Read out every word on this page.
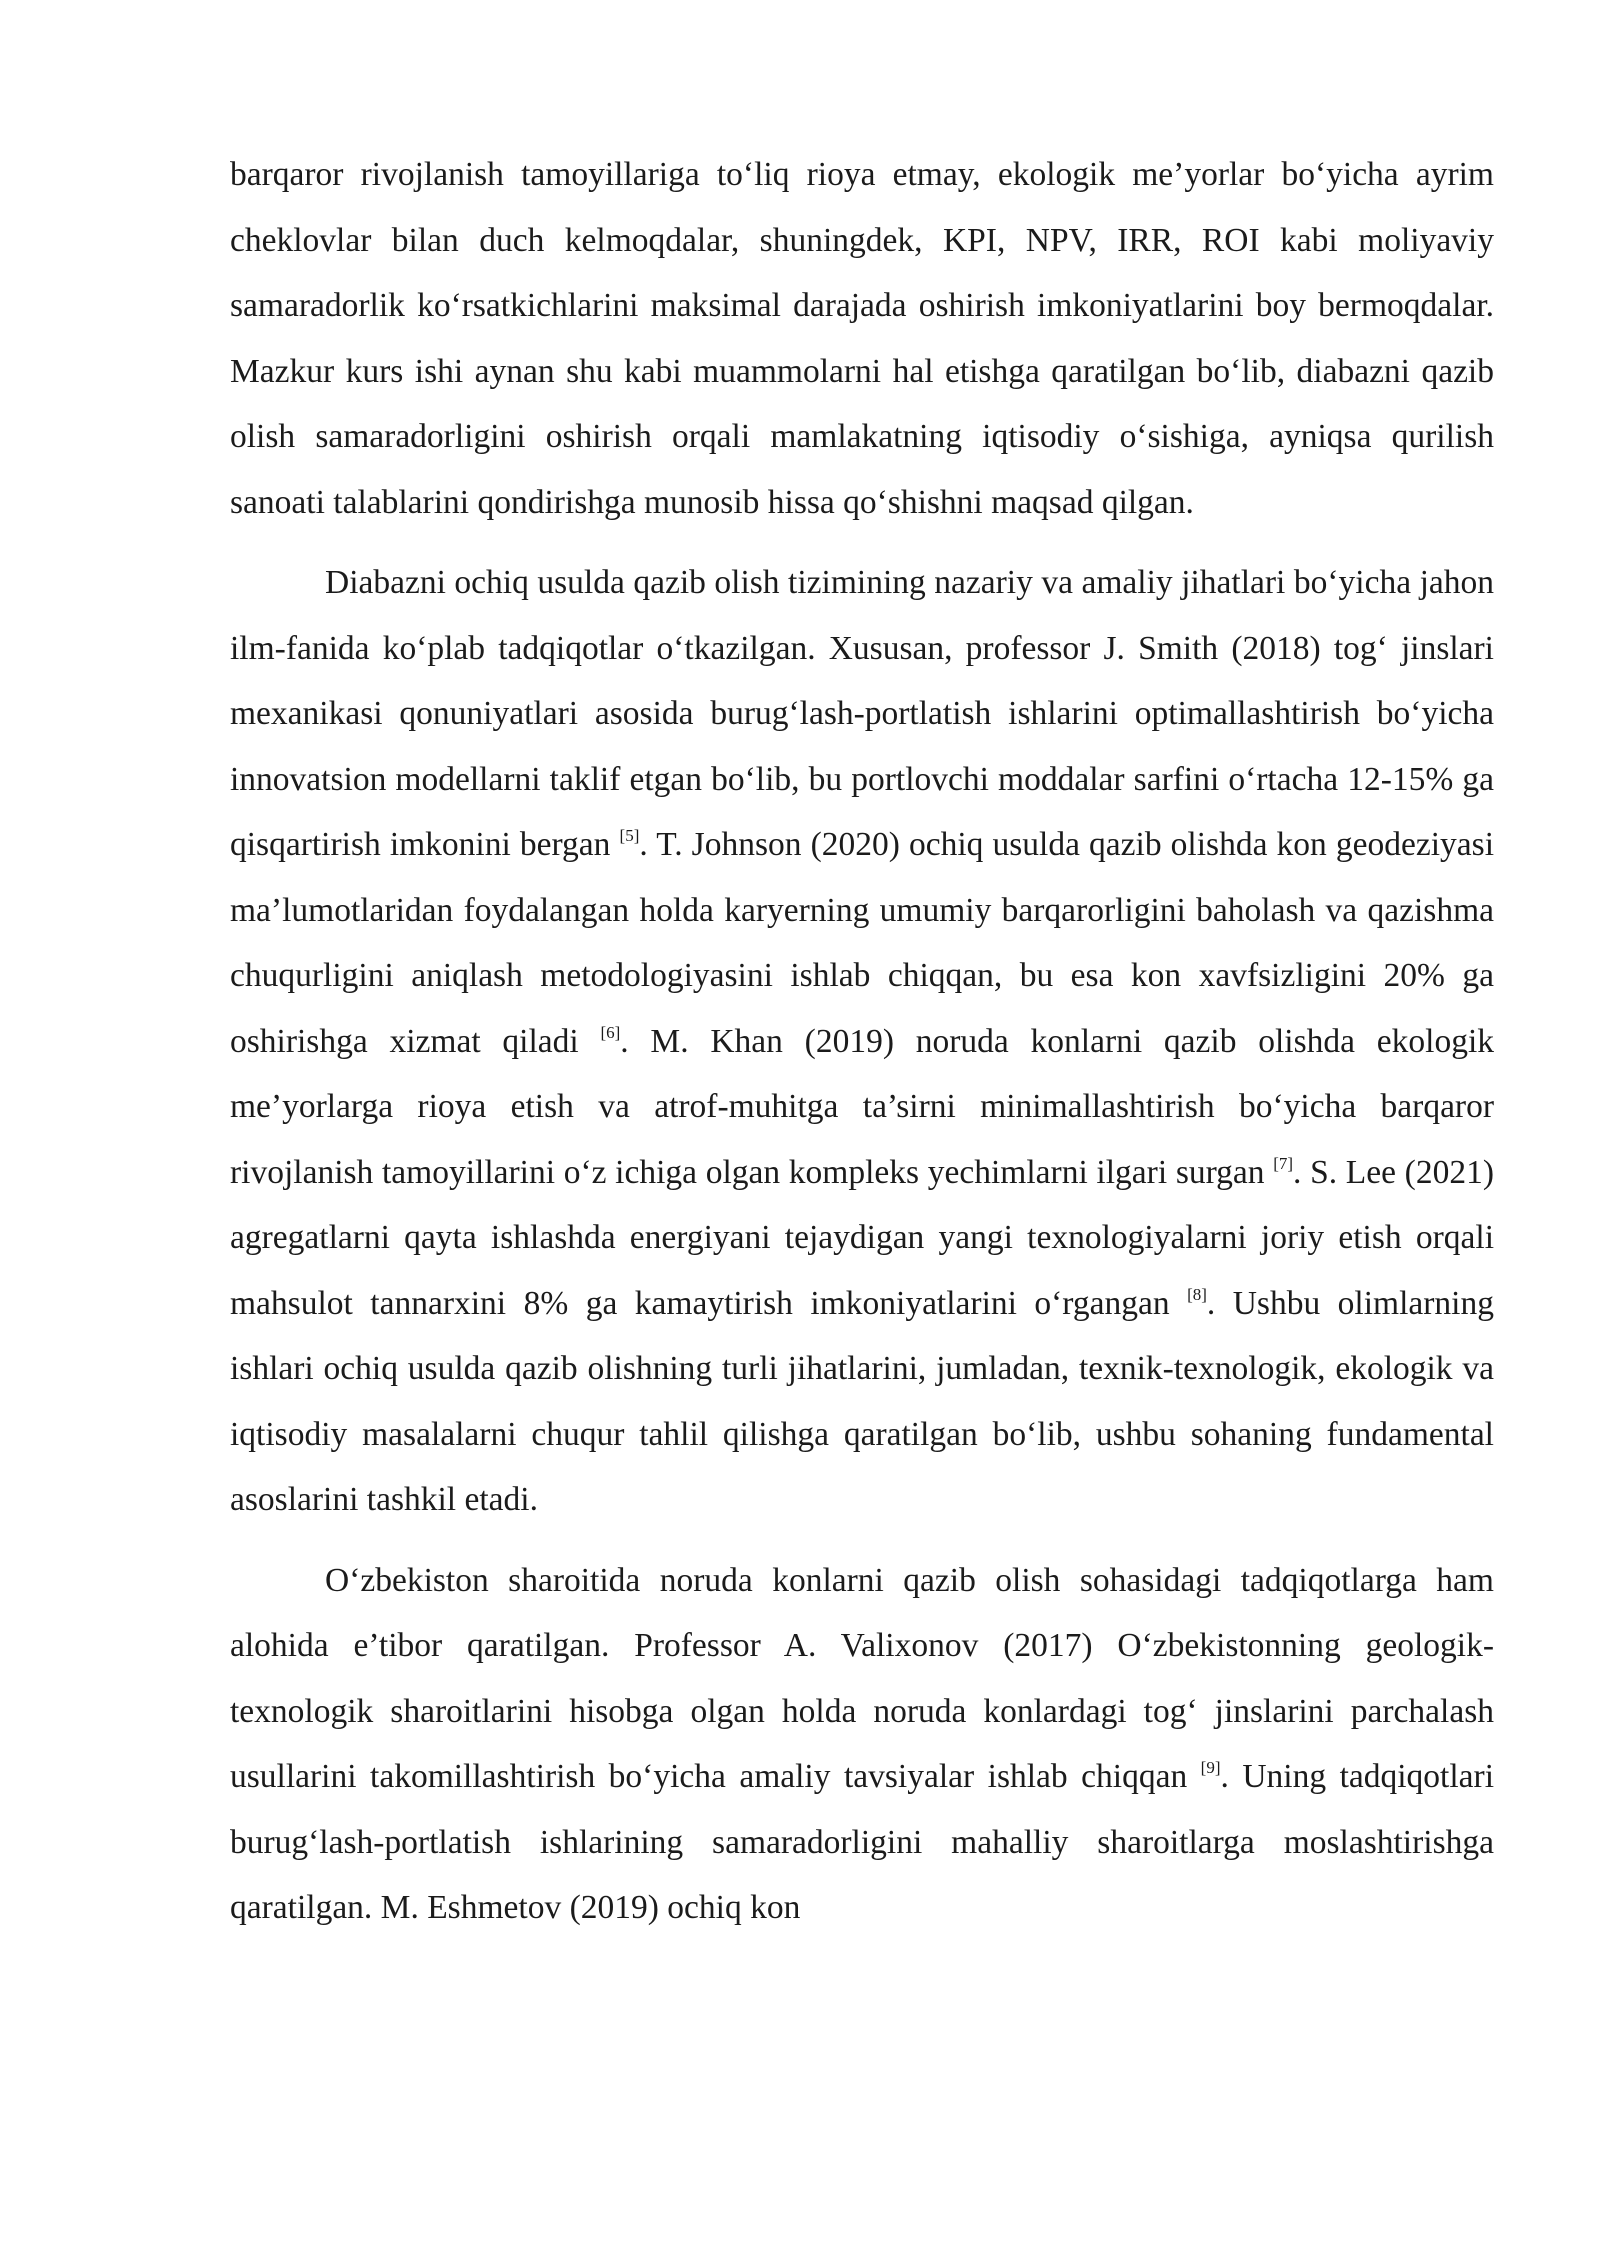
barqaror rivojlanish tamoyillariga to‘liq rioya etmay, ekologik me’yorlar bo‘yicha ayrim cheklovlar bilan duch kelmoqdalar, shuningdek, KPI, NPV, IRR, ROI kabi moliyaviy samaradorlik ko‘rsatkichlarini maksimal darajada oshirish imkoniyatlarini boy bermoqdalar. Mazkur kurs ishi aynan shu kabi muammolarni hal etishga qaratilgan bo‘lib, diabazni qazib olish samaradorligini oshirish orqali mamlakatning iqtisodiy o‘sishiga, ayniqsa qurilish sanoati talablarini qondirishga munosib hissa qo‘shishni maqsad qilgan.

Diabazni ochiq usulda qazib olish tizimining nazariy va amaliy jihatlari bo‘yicha jahon ilm-fanida ko‘plab tadqiqotlar o‘tkazilgan. Xususan, professor J. Smith (2018) tog‘ jinslari mexanikasi qonuniyatlari asosida burug‘lash-portlatish ishlarini optimallashtirish bo‘yicha innovatsion modellarni taklif etgan bo‘lib, bu portlovchi moddalar sarfini o‘rtacha 12-15% ga qisqartirish imkonini bergan [5]. T. Johnson (2020) ochiq usulda qazib olishda kon geodeziyasi ma’lumotlaridan foydalangan holda karyerning umumiy barqarorligini baholash va qazishma chuqurligini aniqlash metodologiyasini ishlab chiqqan, bu esa kon xavfsizligini 20% ga oshirishga xizmat qiladi [6]. M. Khan (2019) noruda konlarni qazib olishda ekologik me’yorlarga rioya etish va atrof-muhitga ta’sirni minimallashtirish bo‘yicha barqaror rivojlanish tamoyillarini o‘z ichiga olgan kompleks yechimlarni ilgari surgan [7]. S. Lee (2021) agregatlarni qayta ishlashda energiyani tejaydigan yangi texnologiyalarni joriy etish orqali mahsulot tannarxini 8% ga kamaytirish imkoniyatlarini o‘rgangan [8]. Ushbu olimlarning ishlari ochiq usulda qazib olishning turli jihatlarini, jumladan, texnik-texnologik, ekologik va iqtisodiy masalalarni chuqur tahlil qilishga qaratilgan bo‘lib, ushbu sohaning fundamental asoslarini tashkil etadi.

O‘zbekiston sharoitida noruda konlarni qazib olish sohasidagi tadqiqotlarga ham alohida e’tibor qaratilgan. Professor A. Valixonov (2017) O‘zbekistonning geologik-texnologik sharoitlarini hisobga olgan holda noruda konlardagi tog‘ jinslarini parchalash usullarini takomillashtirish bo‘yicha amaliy tavsiyalar ishlab chiqqan [9]. Uning tadqiqotlari burug‘lash-portlatish ishlarining samaradorligini mahalliy sharoitlarga moslashtirishga qaratilgan. M. Eshmetov (2019) ochiq kon
